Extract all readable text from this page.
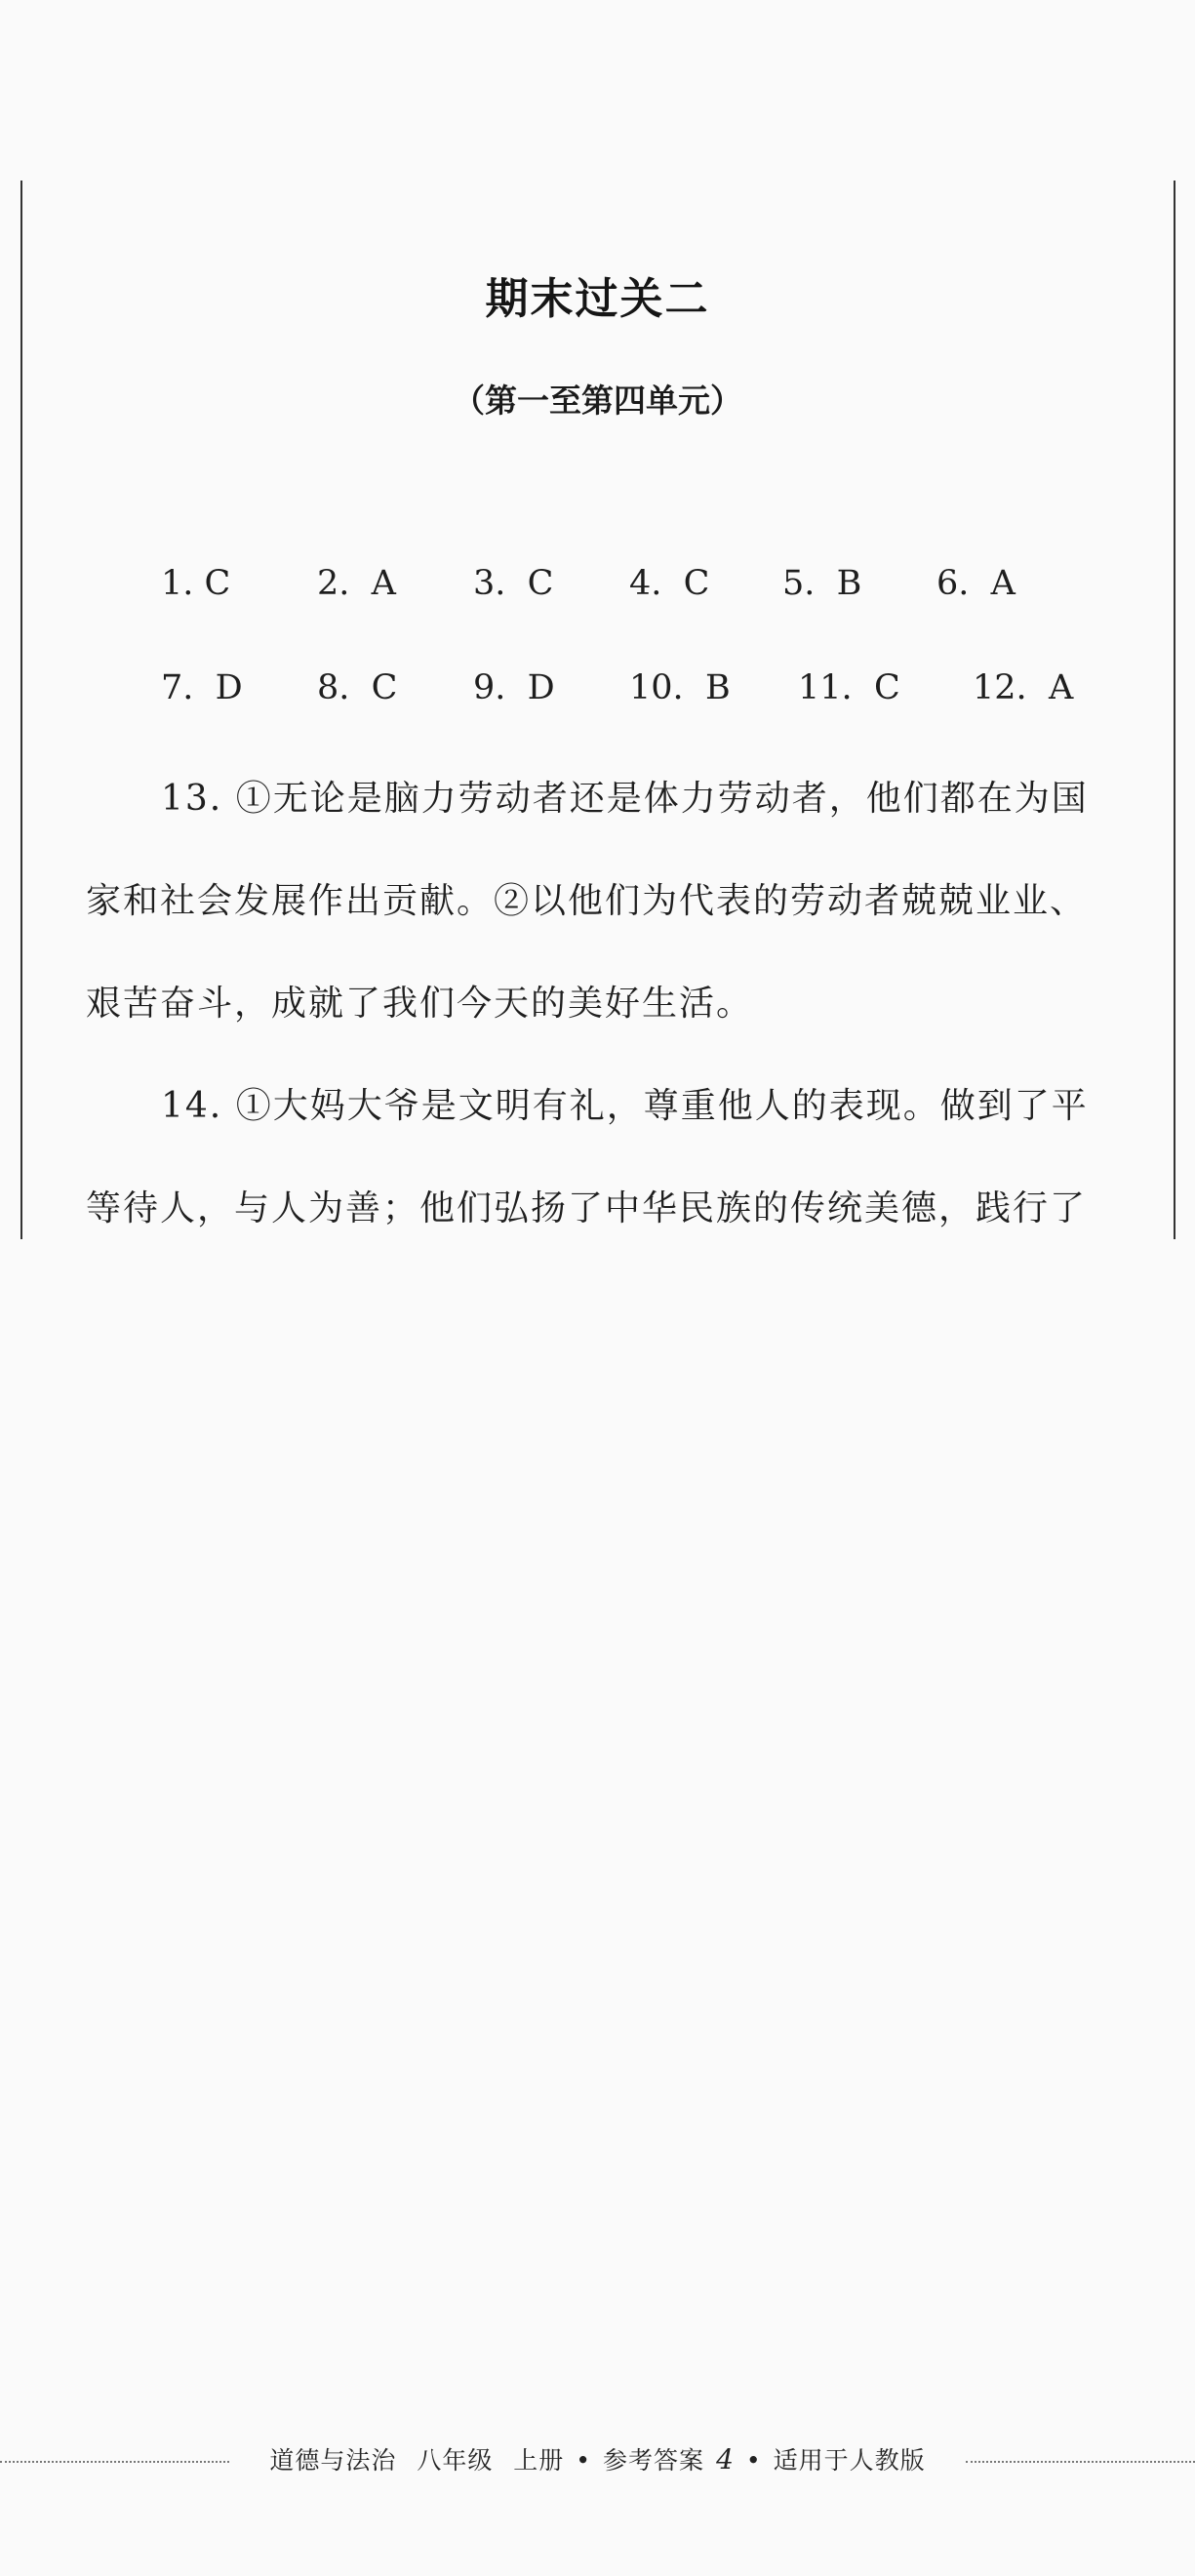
期末过关二
（第一至第四单元）
1. C	2. A 3. C 4. C 5. B 6. A
7. D 8. C 9. D 10. B 11. C 12. A
13. ①无论是脑力劳动者还是体力劳动者，他们都在为国
家和社会发展作出贡献。②以他们为代表的劳动者兢兢业业、
艰苦奋斗，成就了我们今天的美好生活。
14. ①大妈大爷是文明有礼，尊重他人的表现。做到了平
等待人，与人为善；他们弘扬了中华民族的传统美德，践行了
道德与法治 八年级 上册 • 参考答案 4 • 适用于人教版
